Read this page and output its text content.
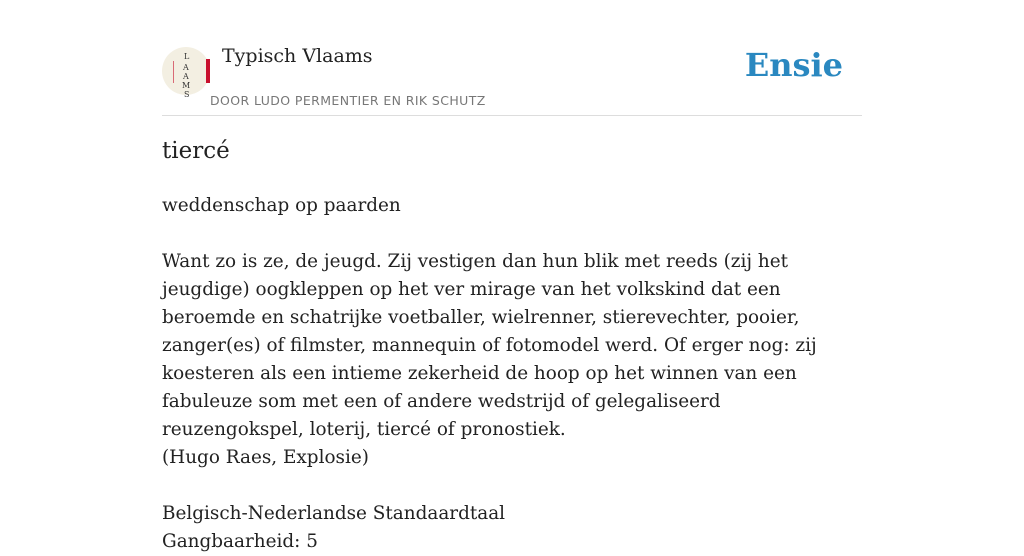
L
A
A
M
S
Typisch Vlaams
DOOR LUDO PERMENTIER EN RIK SCHUTZ
Ensie
tiercé

weddenschap op paarden

Want zo is ze, de jeugd. Zij vestigen dan hun blik met reeds (zij het jeugdige) oogkleppen op het ver mirage van het volkskind dat een beroemde en schatrijke voetballer, wielrenner, stierevechter, pooier, zanger(es) of filmster, mannequin of fotomodel werd. Of erger nog: zij koesteren als een intieme zekerheid de hoop op het winnen van een fabuleuze som met een of andere wedstrijd of gelegaliseerd reuzengokspel, loterij, tiercé of pronostiek.

(Hugo Raes, Explosie)

Belgisch-Nederlandse Standaardtaal

Gangbaarheid: 5
